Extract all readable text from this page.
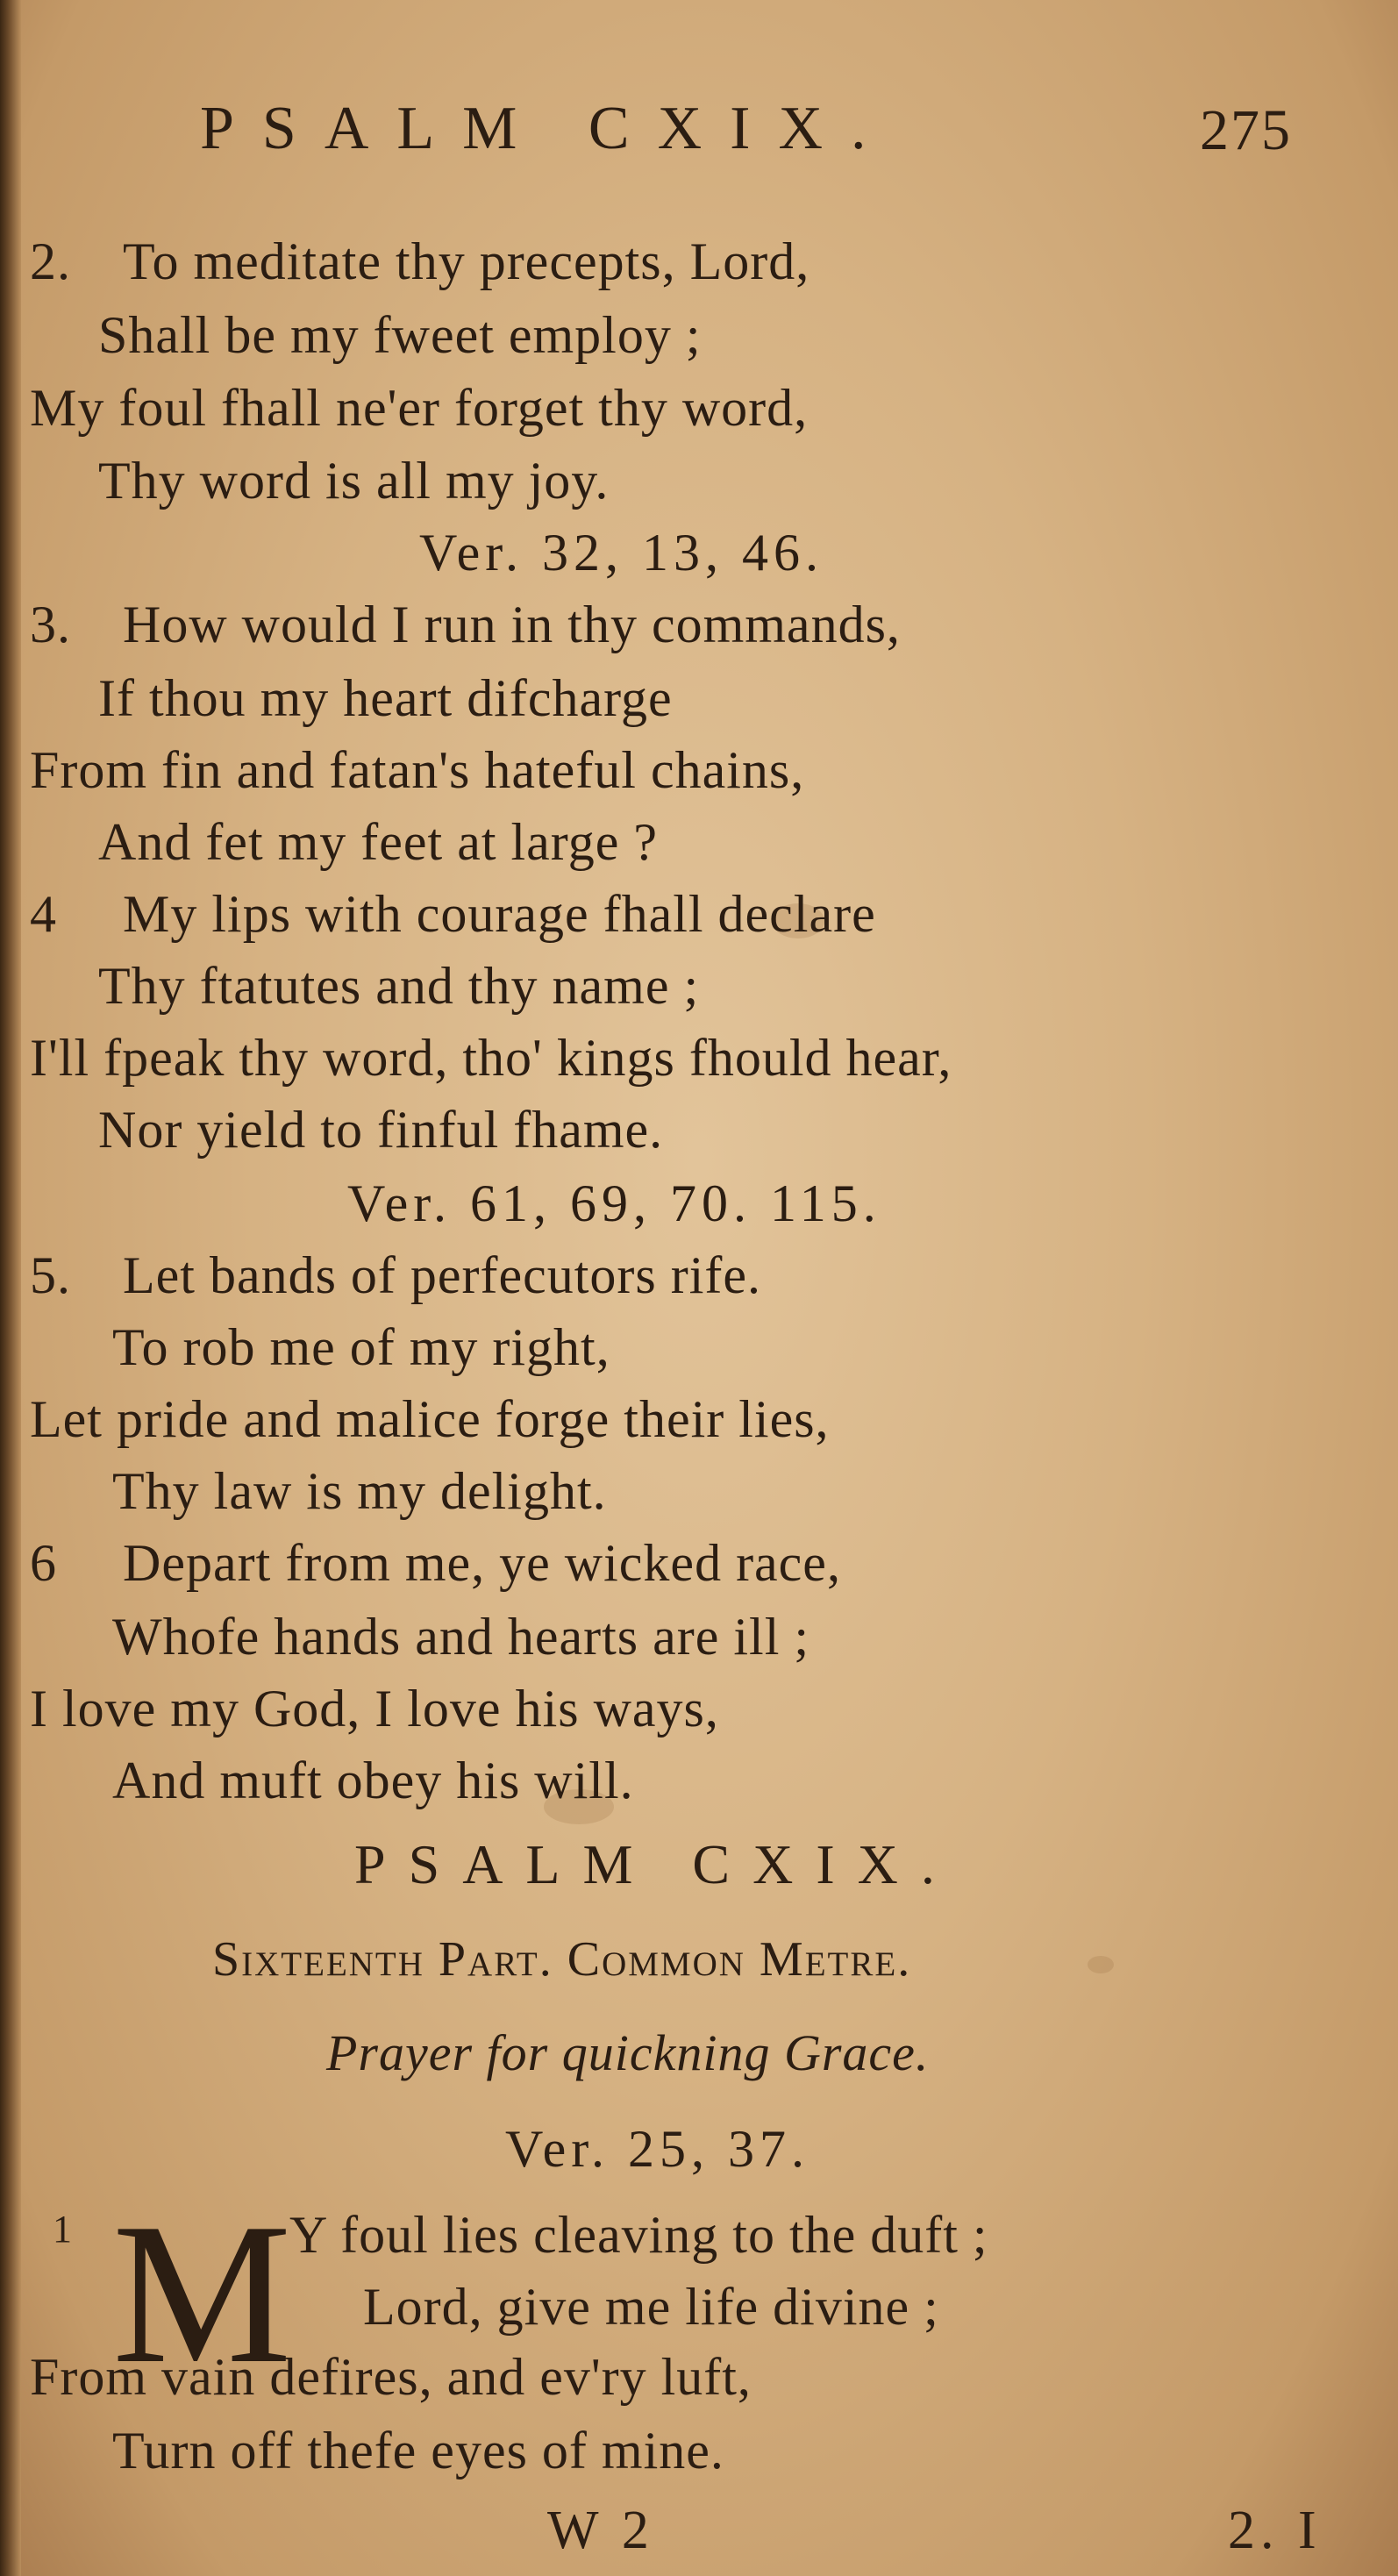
PSALM CXIX.	275
2. To meditate thy precepts, Lord,
Shall be my fweet employ ;
My foul fhall ne'er forget thy word,
Thy word is all my joy.
Ver. 32, 13, 46.
3. How would I run in thy commands,
If thou my heart difcharge
From fin and fatan's hateful chains,
And fet my feet at large ?
4 My lips with courage fhall declare
Thy ftatutes and thy name ;
I'll fpeak thy word, tho' kings fhould hear,
Nor yield to finful fhame.
Ver. 61, 69, 70. 115.
5. Let bands of perfecutors rife.
To rob me of my right,
Let pride and malice forge their lies,
Thy law is my delight.
6 Depart from me, ye wicked race,
Whofe hands and hearts are ill ;
I love my God, I love his ways,
And muft obey his will.
PSALM CXIX.
Sixteenth Part. Common Metre.
Prayer for quickning Grace.
Ver. 25, 37.
1 M Y foul lies cleaving to the duft ;
Lord, give me life divine ;
From vain defires, and ev'ry luft,
Turn off thefe eyes of mine.
W 2	2. I
